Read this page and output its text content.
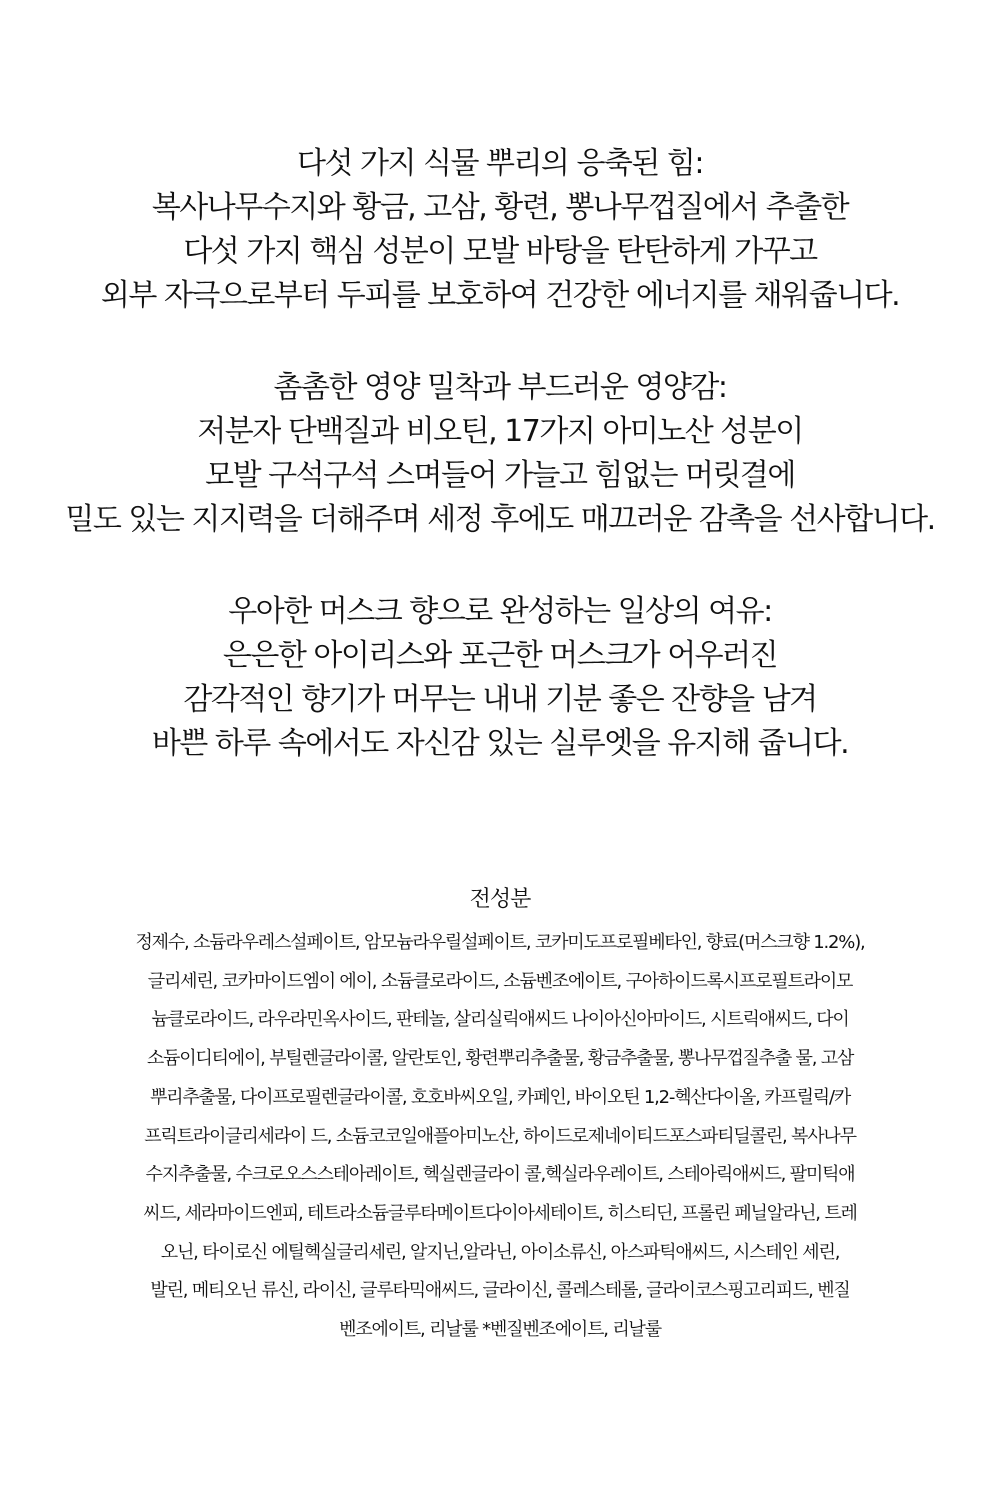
다섯 가지 식물 뿌리의 응축된 힘:
복사나무수지와 황금, 고삼, 황련, 뽕나무껍질에서 추출한
다섯 가지 핵심 성분이 모발 바탕을 탄탄하게 가꾸고
외부 자극으로부터 두피를 보호하여 건강한 에너지를 채워줍니다.
촘촘한 영양 밀착과 부드러운 영양감:
저분자 단백질과 비오틴, 17가지 아미노산 성분이
모발 구석구석 스며들어 가늘고 힘없는 머릿결에
밀도 있는 지지력을 더해주며 세정 후에도 매끄러운 감촉을 선사합니다.
우아한 머스크 향으로 완성하는 일상의 여유:
은은한 아이리스와 포근한 머스크가 어우러진
감각적인 향기가 머무는 내내 기분 좋은 잔향을 남겨
바쁜 하루 속에서도 자신감 있는 실루엣을 유지해 줍니다.
전성분
정제수, 소듐라우레스설페이트, 암모늄라우릴설페이트, 코카미도프로필베타인, 향료(머스크향 1.2%),
글리세린, 코카마이드엠이 에이, 소듐클로라이드, 소듐벤조에이트, 구아하이드록시프로필트라이모
늄클로라이드, 라우라민옥사이드, 판테놀, 살리실릭애씨드 나이아신아마이드, 시트릭애씨드, 다이
소듐이디티에이, 부틸렌글라이콜, 알란토인, 황련뿌리추출물, 황금추출물, 뽕나무껍질추출 물, 고삼
뿌리추출물, 다이프로필렌글라이콜, 호호바씨오일, 카페인, 바이오틴 1,2-헥산다이올, 카프릴릭/카
프릭트라이글리세라이 드, 소듐코코일애플아미노산, 하이드로제네이티드포스파티딜콜린, 복사나무
수지추출물, 수크로오스스테아레이트, 헥실렌글라이 콜,헥실라우레이트, 스테아릭애씨드, 팔미틱애
씨드, 세라마이드엔피, 테트라소듐글루타메이트다이아세테이트, 히스티딘, 프롤린 페닐알라닌, 트레
오닌, 타이로신 에틸헥실글리세린, 알지닌,알라닌, 아이소류신, 아스파틱애씨드, 시스테인 세린,
발린, 메티오닌 류신, 라이신, 글루타믹애씨드, 글라이신, 콜레스테롤, 글라이코스핑고리피드, 벤질
벤조에이트, 리날룰 *벤질벤조에이트, 리날룰
